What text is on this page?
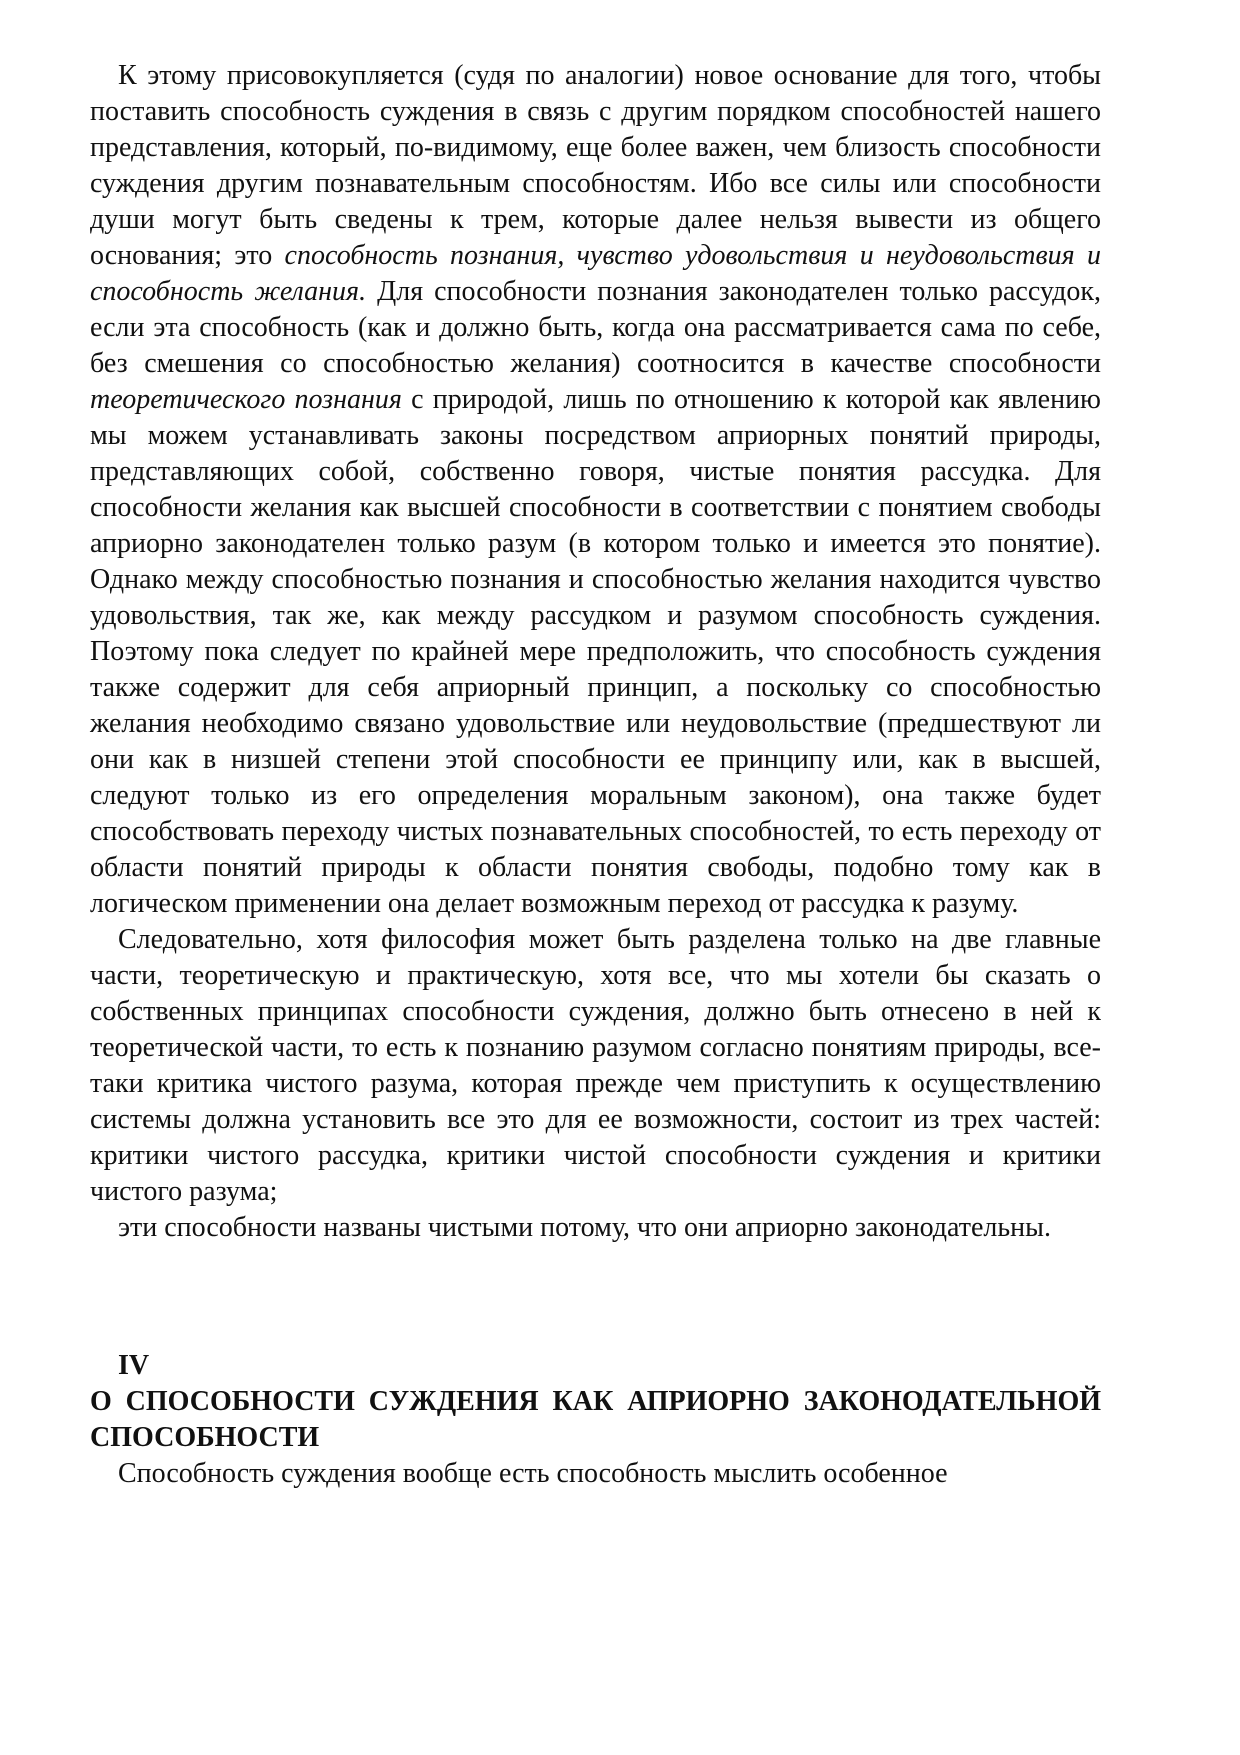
К этому присовокупляется (судя по аналогии) новое основание для того, чтобы поставить способность суждения в связь с другим порядком способностей нашего представления, который, по-видимому, еще более важен, чем близость способности суждения другим познавательным способностям. Ибо все силы или способности души могут быть сведены к трем, которые далее нельзя вывести из общего основания; это способность познания, чувство удовольствия и неудовольствия и способность желания. Для способности познания законодателен только рассудок, если эта способность (как и должно быть, когда она рассматривается сама по себе, без смешения со способностью желания) соотносится в качестве способности теоретического познания с природой, лишь по отношению к которой как явлению мы можем устанавливать законы посредством априорных понятий природы, представляющих собой, собственно говоря, чистые понятия рассудка. Для способности желания как высшей способности в соответствии с понятием свободы априорно законодателен только разум (в котором только и имеется это понятие). Однако между способностью познания и способностью желания находится чувство удовольствия, так же, как между рассудком и разумом способность суждения. Поэтому пока следует по крайней мере предположить, что способность суждения также содержит для себя априорный принцип, а поскольку со способностью желания необходимо связано удовольствие или неудовольствие (предшествуют ли они как в низшей степени этой способности ее принципу или, как в высшей, следуют только из его определения моральным законом), она также будет способствовать переходу чистых познавательных способностей, то есть переходу от области понятий природы к области понятия свободы, подобно тому как в логическом применении она делает возможным переход от рассудка к разуму.

Следовательно, хотя философия может быть разделена только на две главные части, теоретическую и практическую, хотя все, что мы хотели бы сказать о собственных принципах способности суждения, должно быть отнесено в ней к теоретической части, то есть к познанию разумом согласно понятиям природы, все-таки критика чистого разума, которая прежде чем приступить к осуществлению системы должна установить все это для ее возможности, состоит из трех частей: критики чистого рассудка, критики чистой способности суждения и критики чистого разума;

эти способности названы чистыми потому, что они априорно законодательны.

IV

О СПОСОБНОСТИ СУЖДЕНИЯ КАК АПРИОРНО ЗАКОНОДАТЕЛЬНОЙ СПОСОБНОСТИ

Способность суждения вообще есть способность мыслить особенное
